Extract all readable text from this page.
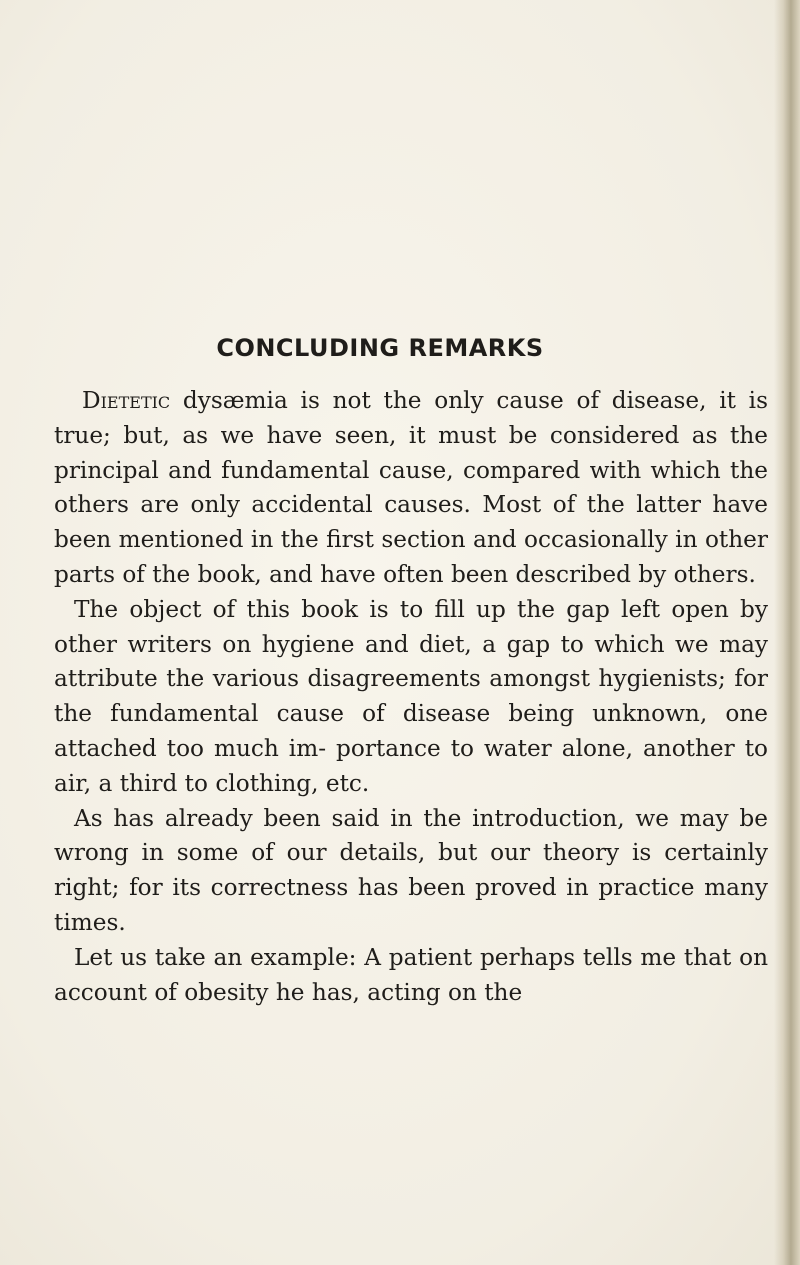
CONCLUDING REMARKS

Dietetic dysæmia is not the only cause of disease, it is true; but, as we have seen, it must be considered as the principal and fundamental cause, compared with which the others are only accidental causes. Most of the latter have been mentioned in the first section and occasionally in other parts of the book, and have often been described by others.

The object of this book is to fill up the gap left open by other writers on hygiene and diet, a gap to which we may attribute the various disagreements amongst hygienists; for the fundamental cause of disease being unknown, one attached too much im- portance to water alone, another to air, a third to clothing, etc.

As has already been said in the introduction, we may be wrong in some of our details, but our theory is certainly right; for its correctness has been proved in practice many times.

Let us take an example: A patient perhaps tells me that on account of obesity he has, acting on the
